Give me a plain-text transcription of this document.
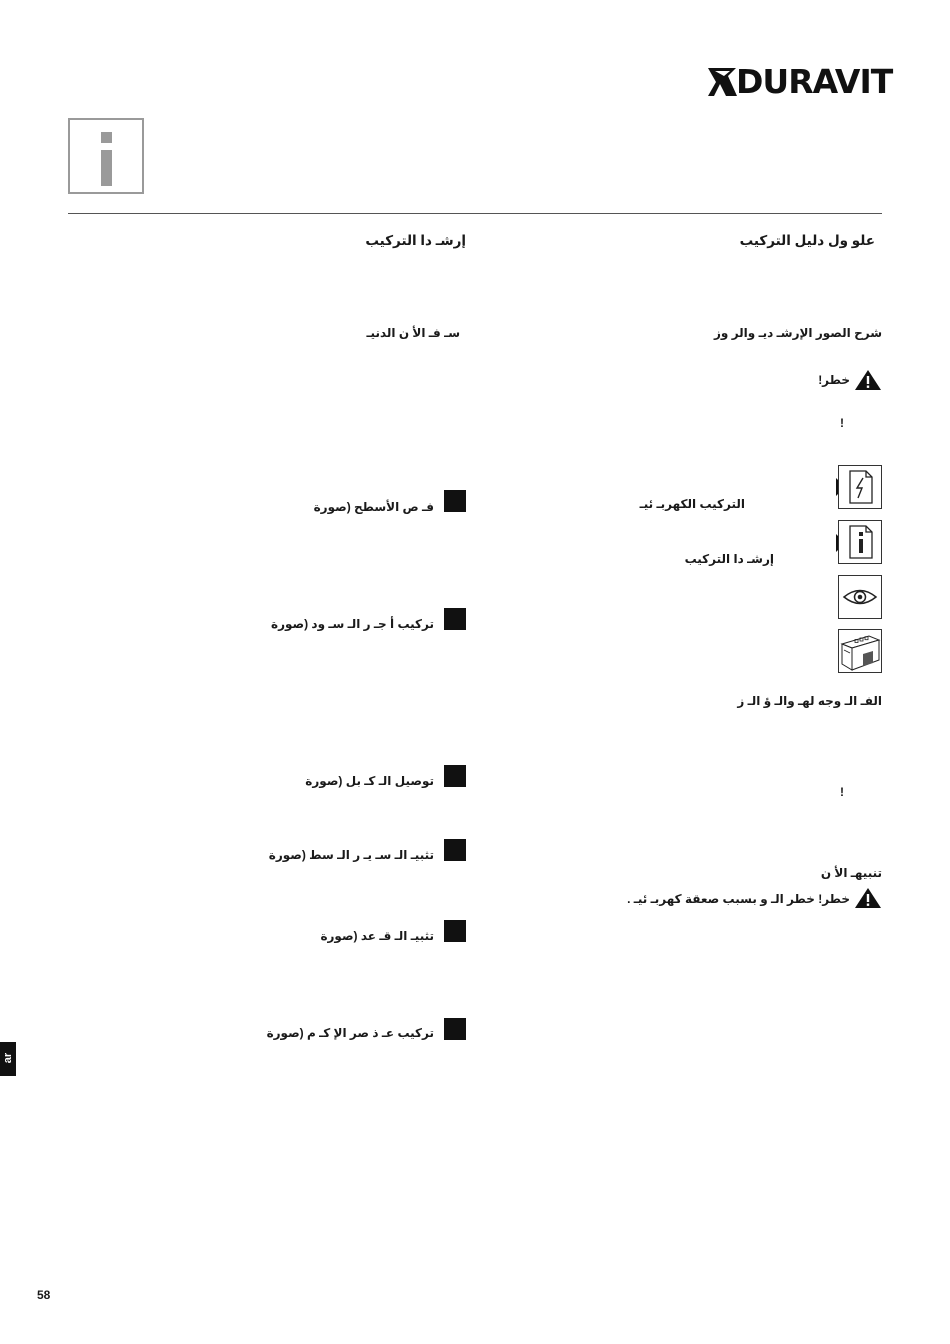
DURAVIT
علو ول دليل التركيب
شرح الصور الإرشـ ديـ والر وز
خطر!
!
التركيب الكهربـ ئيـ
إرشـ دا التركيب
الفـ الـ وجه لهـ والـ ؤ الـ ز
!
تنبيهـ الأ ن
خطر! خطر الـ و بسبب صعقة كهربـ ئيـ .
إرشـ دا التركيب
سـ فـ الأ ن الدنيـ
فـ ص الأسطح (صورة
تركيب أ جـ ر الـ سـ ود (صورة
توصيل الـ كـ بل (صورة
تثبيـ الـ سـ يـ ر الـ سط (صورة
تثبيـ الـ قـ عد (صورة
تركيب عـ ذ صر الإ كـ م (صورة
ar
58
